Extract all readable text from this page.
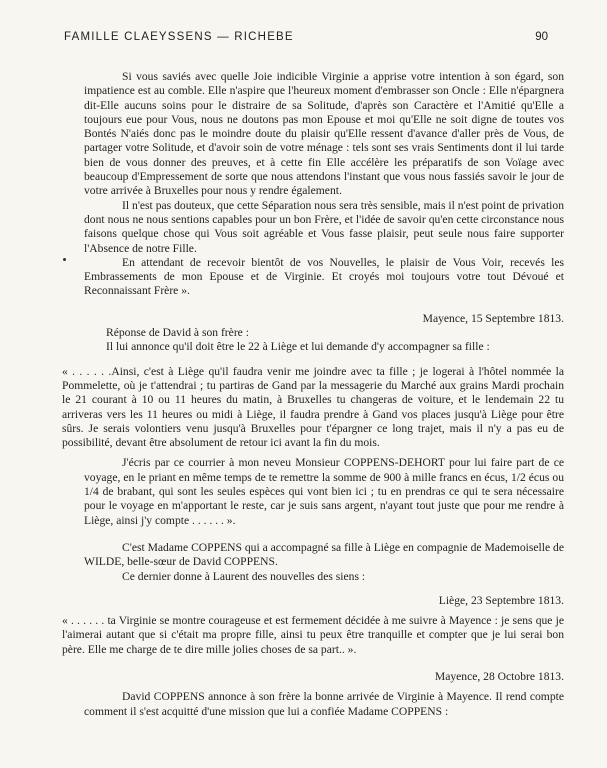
FAMILLE CLAEYSSENS — RICHEBE	90

Si vous saviés avec quelle Joie indicible Virginie a apprise votre intention à son égard, son impatience est au comble. Elle n'aspire que l'heureux moment d'embrasser son Oncle : Elle n'épargnera dit-Elle aucuns soins pour le distraire de sa Solitude, d'après son Caractère et l'Amitié qu'Elle a toujours eue pour Vous, nous ne doutons pas mon Epouse et moi qu'Elle ne soit digne de toutes vos Bontés N'aiés donc pas le moindre doute du plaisir qu'Elle ressent d'avance d'aller près de Vous, de partager votre Solitude, et d'avoir soin de votre ménage : tels sont ses vrais Sentiments dont il lui tarde bien de vous donner des preuves, et à cette fin Elle accélère les préparatifs de son Voïage avec beaucoup d'Empressement de sorte que nous attendons l'instant que vous nous fassiés savoir le jour de votre arrivée à Bruxelles pour nous y rendre également.

Il n'est pas douteux, que cette Séparation nous sera très sensible, mais il n'est point de privation dont nous ne nous sentions capables pour un bon Frère, et l'idée de savoir qu'en cette circonstance nous faisons quelque chose qui Vous soit agréable et Vous fasse plaisir, peut seule nous faire supporter l'Absence de notre Fille.

En attendant de recevoir bientôt de vos Nouvelles, le plaisir de Vous Voir, recevés les Embrassements de mon Epouse et de Virginie. Et croyés moi toujours votre tout Dévoué et Reconnaissant Frère ».

Mayence, 15 Septembre 1813.

Réponse de David à son frère :

Il lui annonce qu'il doit être le 22 à Liège et lui demande d'y accompagner sa fille :

« . . . . . .Ainsi, c'est à Liège qu'il faudra venir me joindre avec ta fille ; je logerai à l'hôtel nommée la Pommelette, où je t'attendrai ; tu partiras de Gand par la messagerie du Marché aux grains Mardi prochain le 21 courant à 10 ou 11 heures du matin, à Bruxelles tu changeras de voiture, et le lendemain 22 tu arriveras vers les 11 heures ou midi à Liège, il faudra prendre à Gand vos places jusqu'à Liège pour être sûrs. Je serais volontiers venu jusqu'à Bruxelles pour t'épargner ce long trajet, mais il n'y a pas eu de possibilité, devant être absolument de retour ici avant la fin du mois.

J'écris par ce courrier à mon neveu Monsieur COPPENS-DEHORT pour lui faire part de ce voyage, en le priant en même temps de te remettre la somme de 900 à mille francs en écus, 1/2 écus ou 1/4 de brabant, qui sont les seules espèces qui vont bien ici ; tu en prendras ce qui te sera nécessaire pour le voyage en m'apportant le reste, car je suis sans argent, n'ayant tout juste que pour me rendre à Liège, ainsi j'y compte . . . . . . ».

C'est Madame COPPENS qui a accompagné sa fille à Liège en compagnie de Mademoiselle de WILDE, belle-sœur de David COPPENS.

Ce dernier donne à Laurent des nouvelles des siens :

Liège, 23 Septembre 1813.

« . . . . . . ta Virginie se montre courageuse et est fermement décidée à me suivre à Mayence : je sens que je l'aimerai autant que si c'était ma propre fille, ainsi tu peux être tranquille et compter que je lui serai bon père. Elle me charge de te dire mille jolies choses de sa part.. ».

Mayence, 28 Octobre 1813.

David COPPENS annonce à son frère la bonne arrivée de Virginie à Mayence. Il rend compte comment il s'est acquitté d'une mission que lui a confiée Madame COPPENS :
